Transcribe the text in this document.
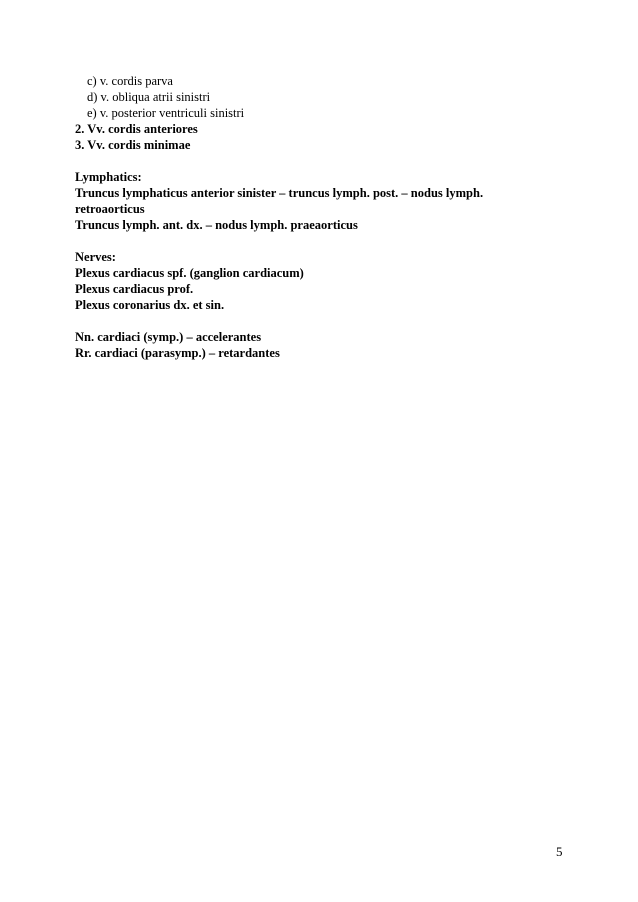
c) v. cordis parva
d) v. obliqua atrii sinistri
e) v. posterior ventriculi sinistri
2. Vv. cordis anteriores
3. Vv. cordis minimae
Lymphatics:
Truncus lymphaticus anterior sinister – truncus lymph. post. – nodus lymph.
retroaorticus
Truncus lymph. ant. dx. – nodus lymph. praeaorticus
Nerves:
Plexus cardiacus spf. (ganglion cardiacum)
Plexus cardiacus prof.
Plexus coronarius dx. et sin.
Nn. cardiaci (symp.) – accelerantes
Rr. cardiaci (parasymp.) – retardantes
5
